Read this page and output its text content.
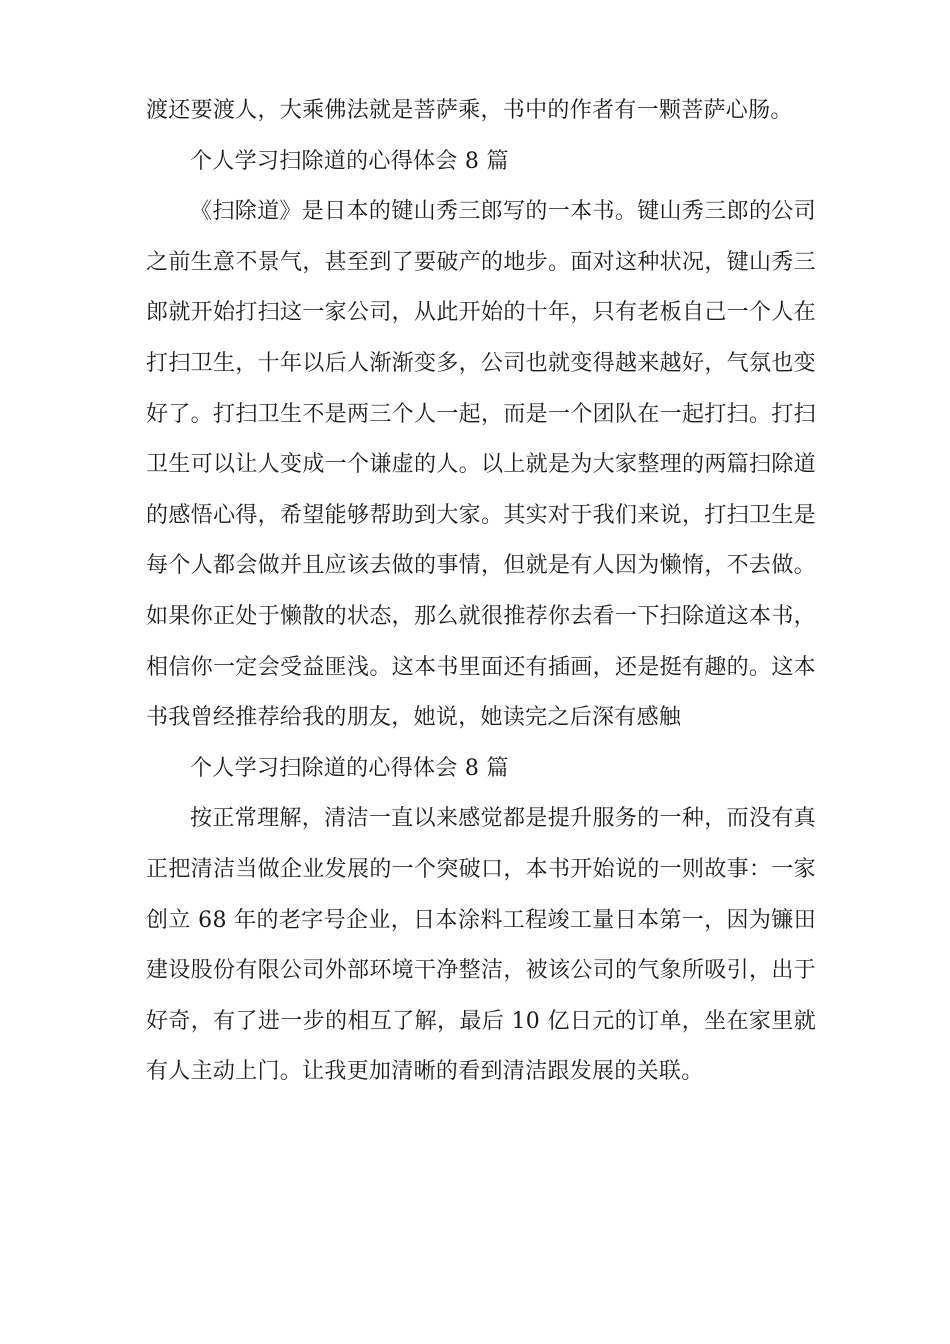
渡还要渡人，大乘佛法就是菩萨乘，书中的作者有一颗菩萨心肠。

个人学习扫除道的心得体会 8 篇

《扫除道》是日本的键山秀三郎写的一本书。键山秀三郎的公司之前生意不景气，甚至到了要破产的地步。面对这种状况，键山秀三郎就开始打扫这一家公司，从此开始的十年，只有老板自己一个人在打扫卫生，十年以后人渐渐变多，公司也就变得越来越好，气氛也变好了。打扫卫生不是两三个人一起，而是一个团队在一起打扫。打扫卫生可以让人变成一个谦虚的人。以上就是为大家整理的两篇扫除道的感悟心得，希望能够帮助到大家。其实对于我们来说，打扫卫生是每个人都会做并且应该去做的事情，但就是有人因为懒惰，不去做。如果你正处于懒散的状态，那么就很推荐你去看一下扫除道这本书，相信你一定会受益匪浅。这本书里面还有插画，还是挺有趣的。这本书我曾经推荐给我的朋友，她说，她读完之后深有感触

个人学习扫除道的心得体会 8 篇

按正常理解，清洁一直以来感觉都是提升服务的一种，而没有真正把清洁当做企业发展的一个突破口，本书开始说的一则故事：一家创立 68 年的老字号企业，日本涂料工程竣工量日本第一，因为镰田建设股份有限公司外部环境干净整洁，被该公司的气象所吸引，出于好奇，有了进一步的相互了解，最后 10 亿日元的订单，坐在家里就有人主动上门。让我更加清晰的看到清洁跟发展的关联。
